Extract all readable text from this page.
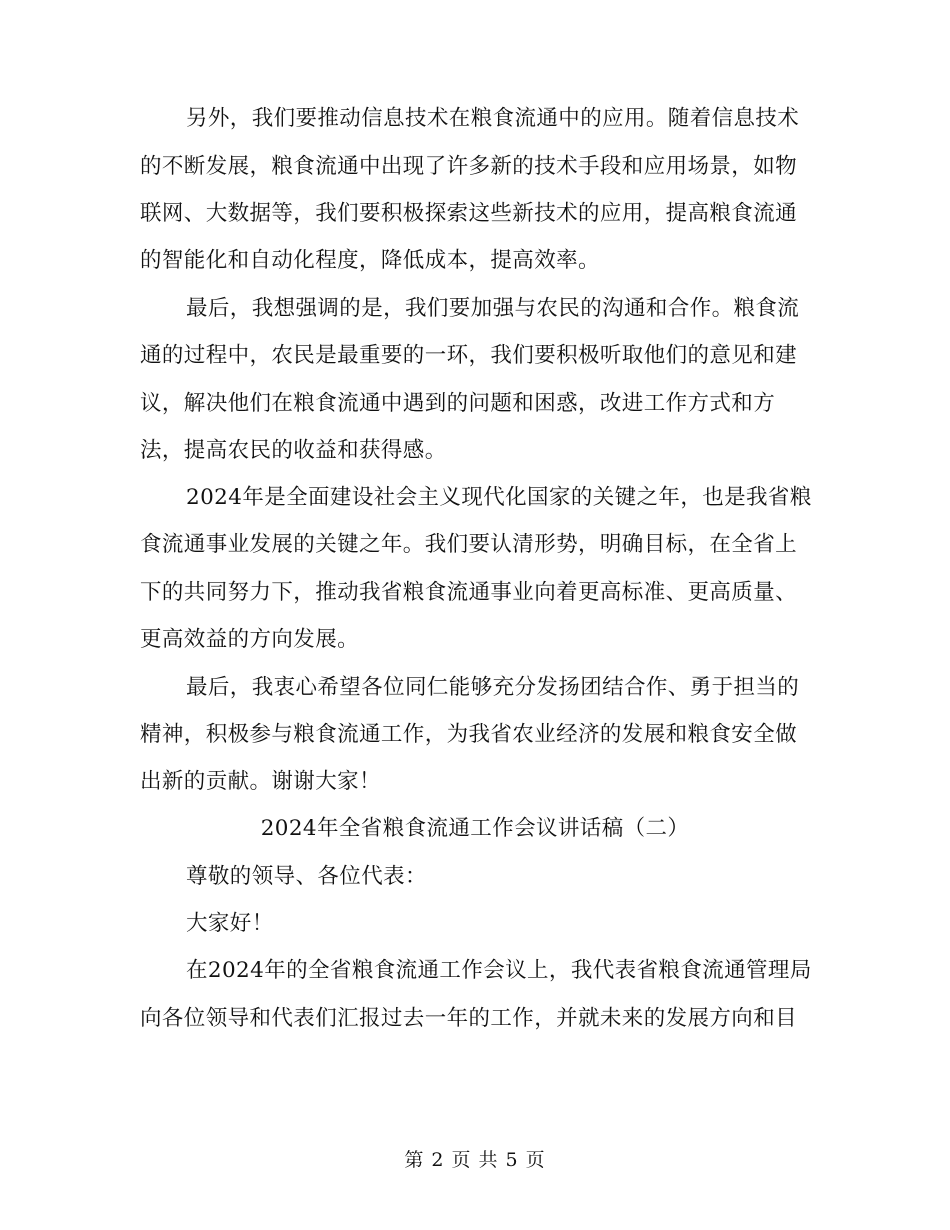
另外，我们要推动信息技术在粮食流通中的应用。随着信息技术
的不断发展，粮食流通中出现了许多新的技术手段和应用场景，如物
联网、大数据等，我们要积极探索这些新技术的应用，提高粮食流通
的智能化和自动化程度，降低成本，提高效率。
最后，我想强调的是，我们要加强与农民的沟通和合作。粮食流
通的过程中，农民是最重要的一环，我们要积极听取他们的意见和建
议，解决他们在粮食流通中遇到的问题和困惑，改进工作方式和方
法，提高农民的收益和获得感。
2024年是全面建设社会主义现代化国家的关键之年，也是我省粮
食流通事业发展的关键之年。我们要认清形势，明确目标，在全省上
下的共同努力下，推动我省粮食流通事业向着更高标准、更高质量、
更高效益的方向发展。
最后，我衷心希望各位同仁能够充分发扬团结合作、勇于担当的
精神，积极参与粮食流通工作，为我省农业经济的发展和粮食安全做
出新的贡献。谢谢大家！
2024年全省粮食流通工作会议讲话稿（二）
尊敬的领导、各位代表：
大家好！
在2024年的全省粮食流通工作会议上，我代表省粮食流通管理局
向各位领导和代表们汇报过去一年的工作，并就未来的发展方向和目
第 2 页 共 5 页
